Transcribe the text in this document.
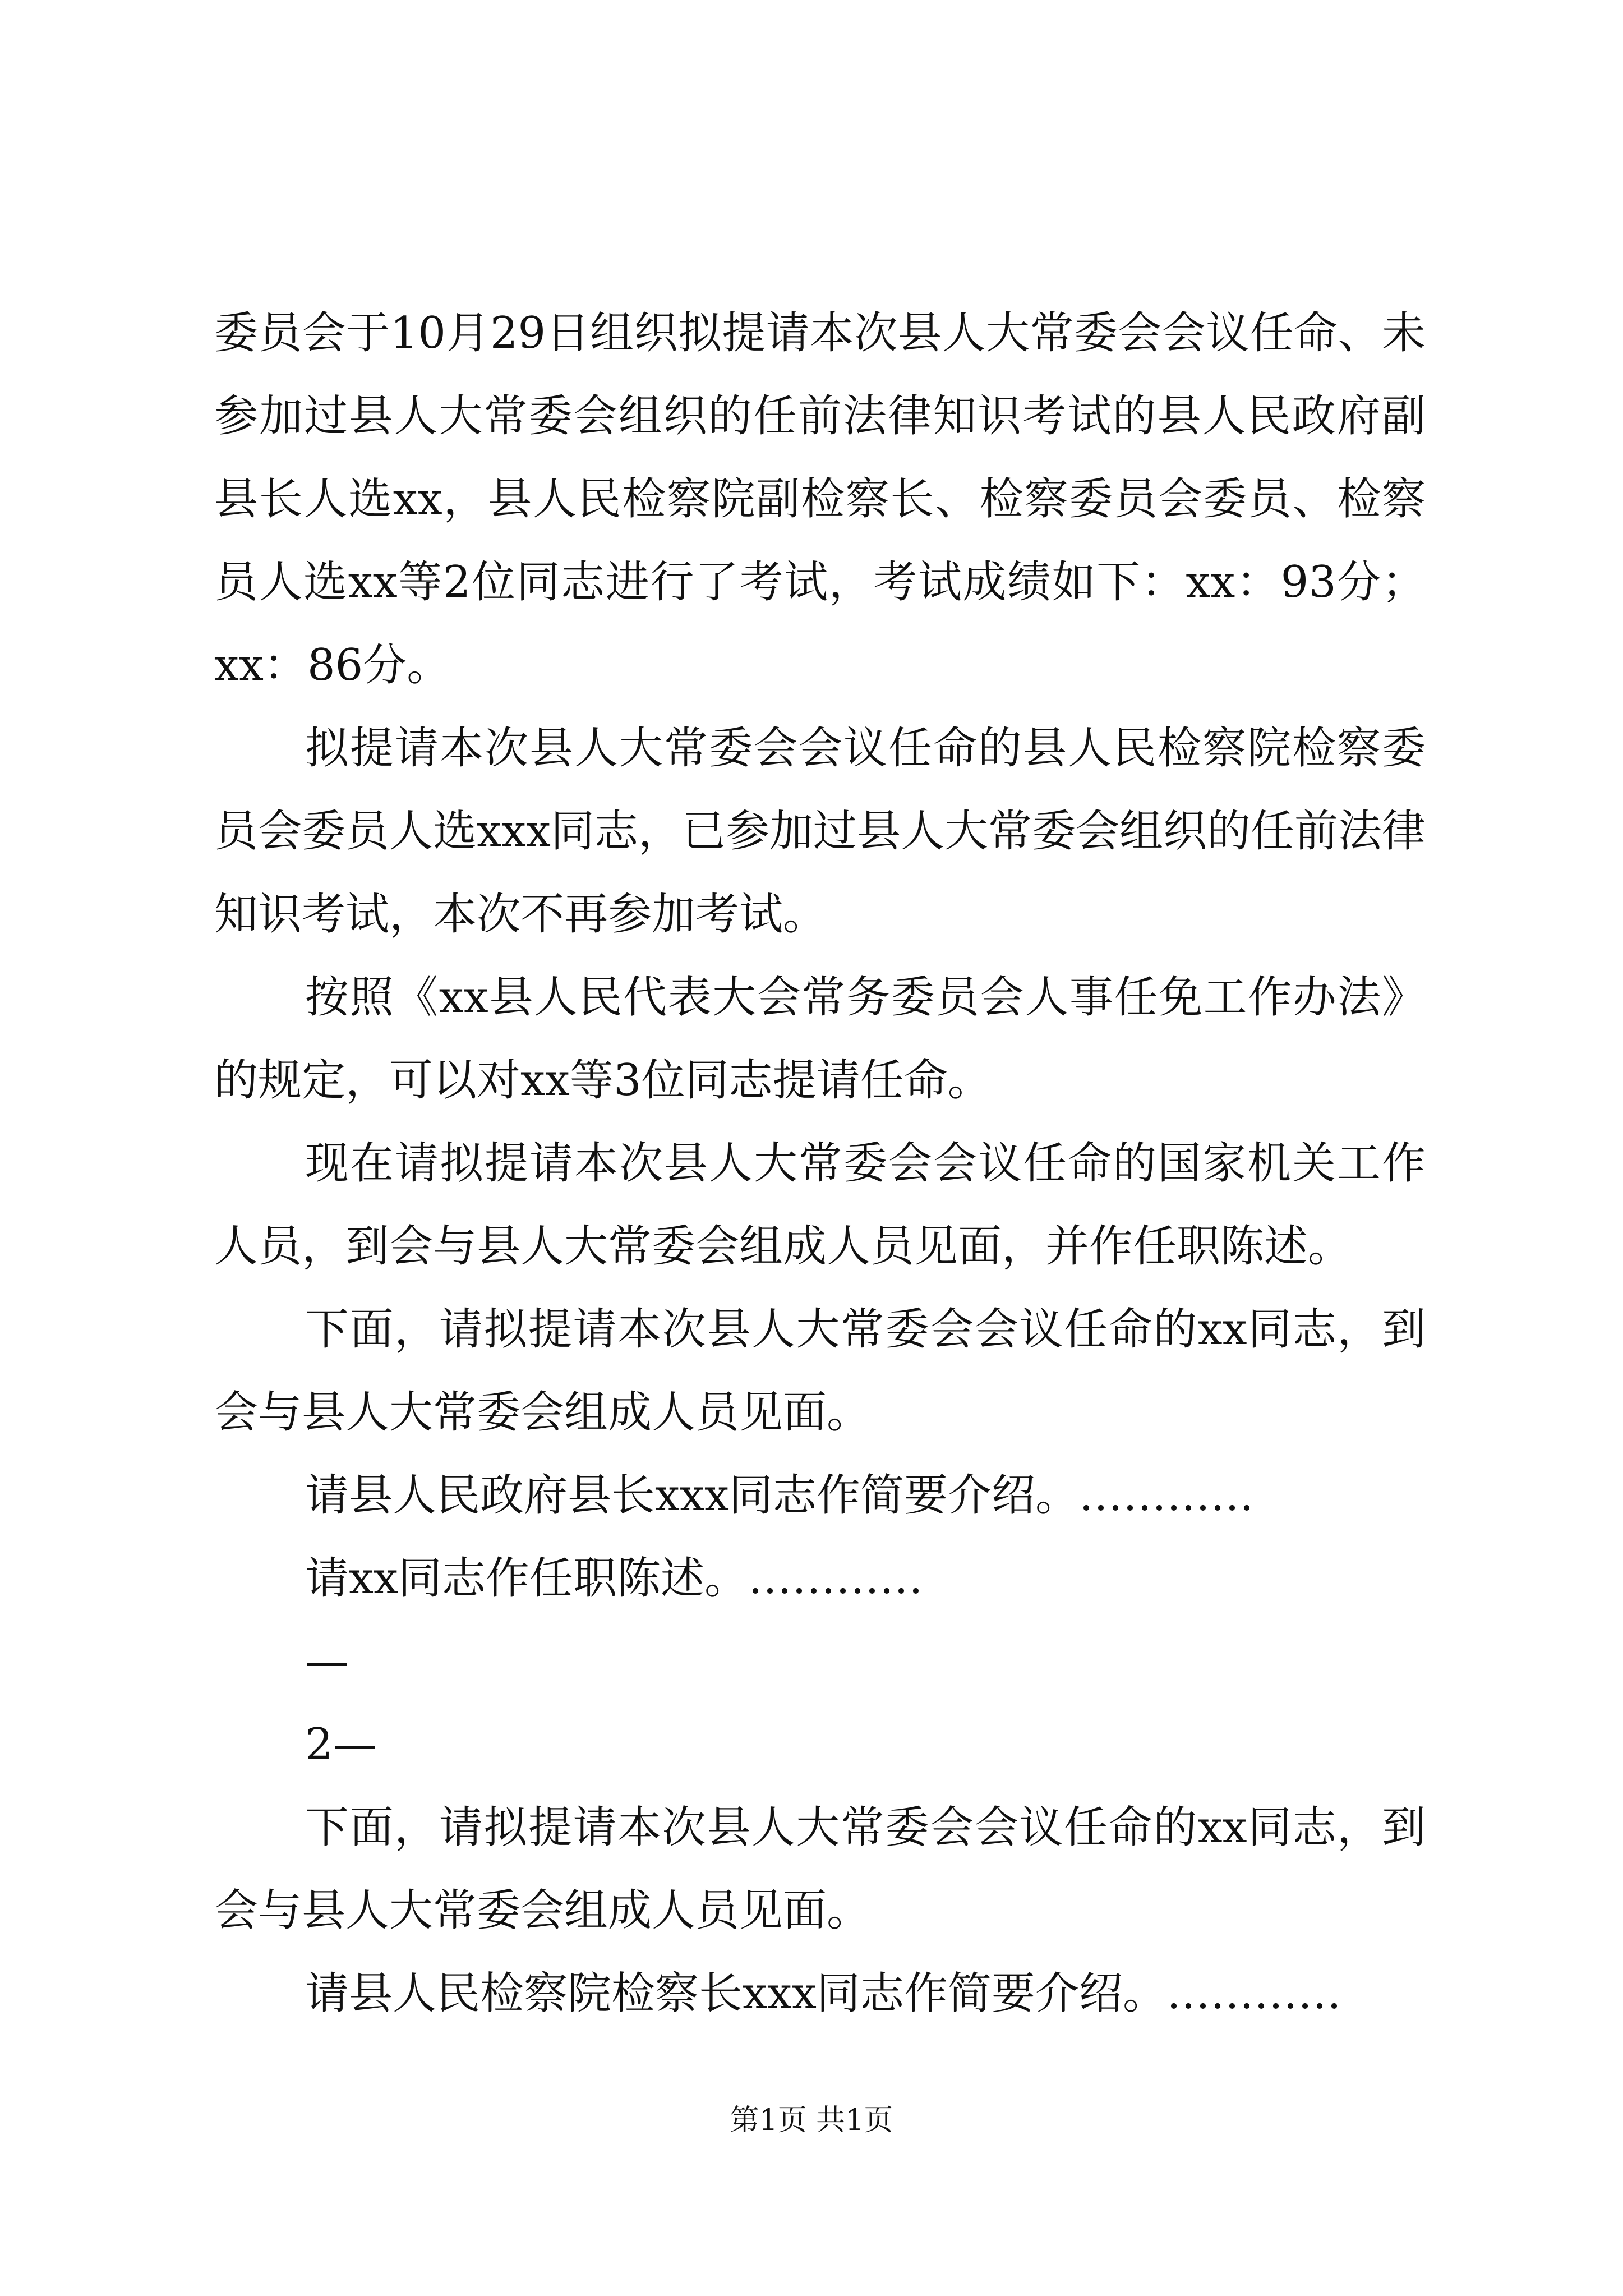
委员会于10月29日组织拟提请本次县人大常委会会议任命、未
参加过县人大常委会组织的任前法律知识考试的县人民政府副
县长人选xx，县人民检察院副检察长、检察委员会委员、检察
员人选xx等2位同志进行了考试，考试成绩如下：xx：93分；
xx：86分。
拟提请本次县人大常委会会议任命的县人民检察院检察委
员会委员人选xxx同志，已参加过县人大常委会组织的任前法律
知识考试，本次不再参加考试。
按照《xx县人民代表大会常务委员会人事任免工作办法》
的规定，可以对xx等3位同志提请任命。
现在请拟提请本次县人大常委会会议任命的国家机关工作
人员，到会与县人大常委会组成人员见面，并作任职陈述。
下面，请拟提请本次县人大常委会会议任命的xx同志，到
会与县人大常委会组成人员见面。
请县人民政府县长xxx同志作简要介绍。…………
请xx同志作任职陈述。…………
—
2—
下面，请拟提请本次县人大常委会会议任命的xx同志，到
会与县人大常委会组成人员见面。
请县人民检察院检察长xxx同志作简要介绍。…………
第1页 共1页
